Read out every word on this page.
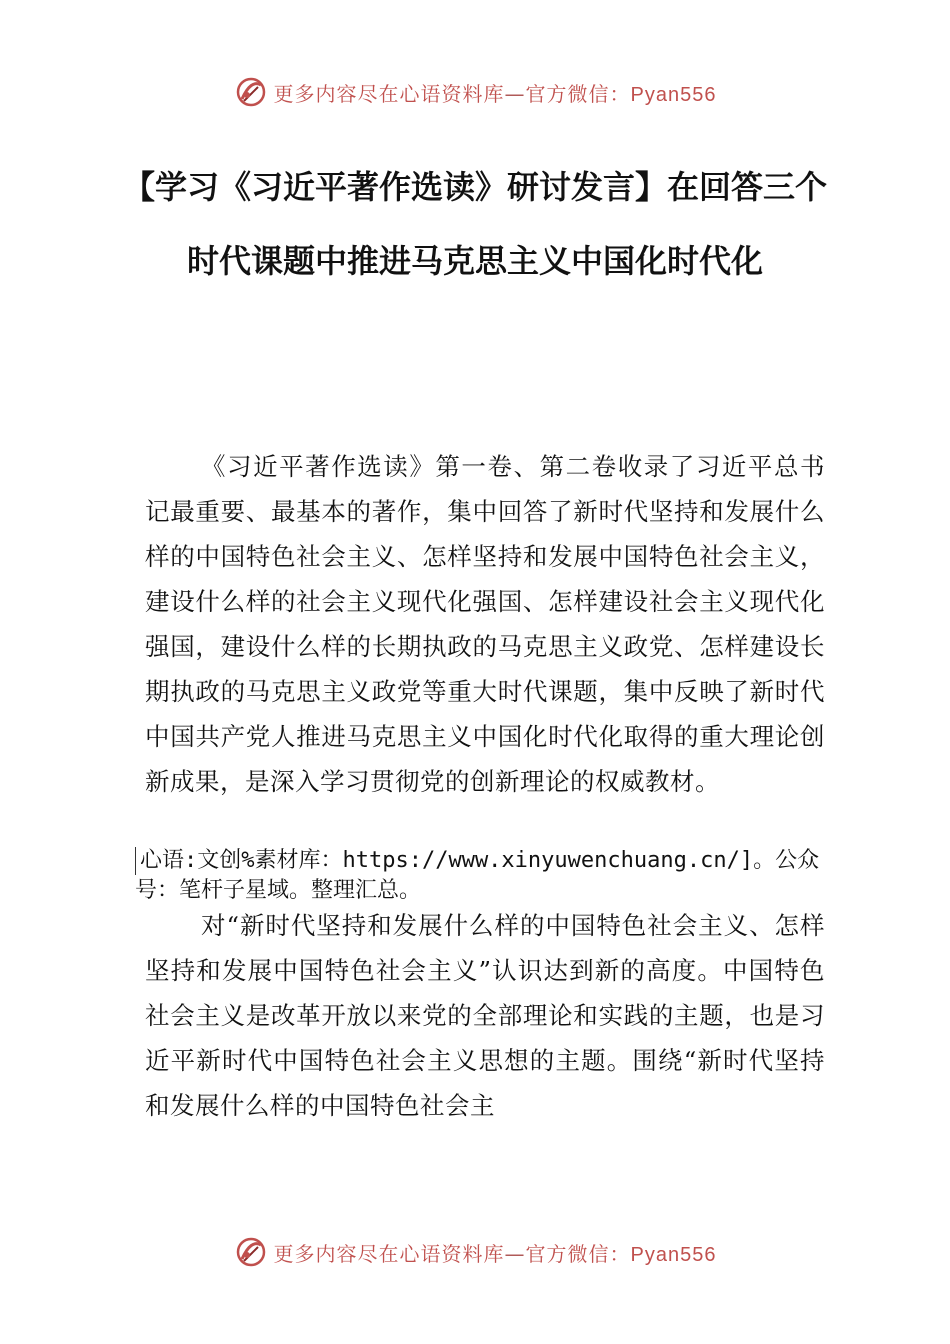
更多内容尽在心语资料库—官方微信：Pyan556
【学习《习近平著作选读》研讨发言】在回答三个时代课题中推进马克思主义中国化时代化

《习近平著作选读》第一卷、第二卷收录了习近平总书记最重要、最基本的著作，集中回答了新时代坚持和发展什么样的中国特色社会主义、怎样坚持和发展中国特色社会主义，建设什么样的社会主义现代化强国、怎样建设社会主义现代化强国，建设什么样的长期执政的马克思主义政党、怎样建设长期执政的马克思主义政党等重大时代课题，集中反映了新时代中国共产党人推进马克思主义中国化时代化取得的重大理论创新成果，是深入学习贯彻党的创新理论的权威教材。

心语:文创%素材库：https://www.xinyuwenchuang.cn/]。公众号：笔杆子星域。整理汇总。

对“新时代坚持和发展什么样的中国特色社会主义、怎样坚持和发展中国特色社会主义”认识达到新的高度。中国特色社会主义是改革开放以来党的全部理论和实践的主题，也是习近平新时代中国特色社会主义思想的主题。围绕“新时代坚持和发展什么样的中国特色社会主

更多内容尽在心语资料库—官方微信：Pyan556
